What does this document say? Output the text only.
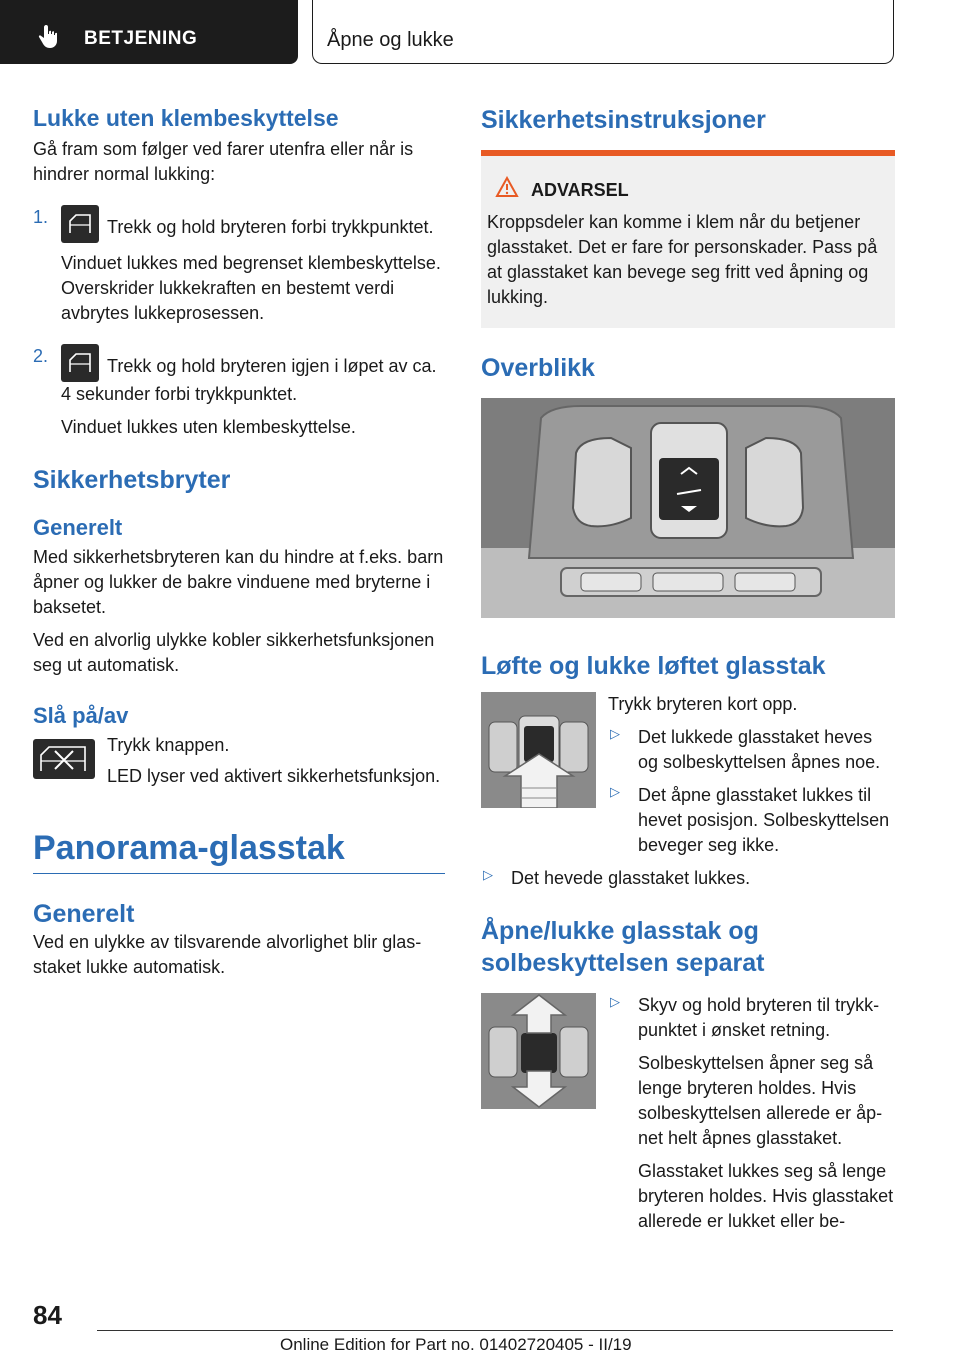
BETJENING	Åpne og lukke

Lukke uten klembeskyttelse

Gå fram som følger ved farer utenfra eller når is hindrer normal lukking:

1.	Trekk og hold bryteren forbi trykkpunktet.

Vinduet lukkes med begrenset klembeskyttelse. Overskrider lukkekraften en bestemt verdi avbrytes lukkeprosessen.

2.	Trekk og hold bryteren igjen i løpet av ca. 4 sekunder forbi trykkpunktet.

Vinduet lukkes uten klembeskyttelse.

Sikkerhetsbryter

Generelt

Med sikkerhetsbryteren kan du hindre at f.eks. barn åpner og lukker de bakre vinduene med bryterne i baksetet.

Ved en alvorlig ulykke kobler sikkerhetsfunksjonen seg ut automatisk.

Slå på/av

Trykk knappen.

LED lyser ved aktivert sikkerhetsfunksjon.

Panorama-glasstak

Generelt

Ved en ulykke av tilsvarende alvorlighet blir glasstaket lukke automatisk.

Sikkerhetsinstruksjoner

ADVARSEL

Kroppsdeler kan komme i klem når du betjener glasstaket. Det er fare for personskader. Pass på at glasstaket kan bevege seg fritt ved åpning og lukking.

Overblikk

Løfte og lukke løftet glasstak

Trykk bryteren kort opp.

▷ Det lukkede glasstaket heves og solbeskyttelsen åpnes noe.

▷ Det åpne glasstaket lukkes til hevet posisjon. Solbeskyttelsen beveger seg ikke.

▷ Det hevede glasstaket lukkes.

Åpne/lukke glasstak og solbeskyttelsen separat

▷ Skyv og hold bryteren til trykkpunktet i ønsket retning.

Solbeskyttelsen åpner seg så lenge bryteren holdes. Hvis solbeskyttelsen allerede er åpnet helt åpnes glasstaket.

Glasstaket lukkes seg så lenge bryteren holdes. Hvis glasstaket allerede er lukket eller be-

84
Online Edition for Part no. 01402720405 - II/19
